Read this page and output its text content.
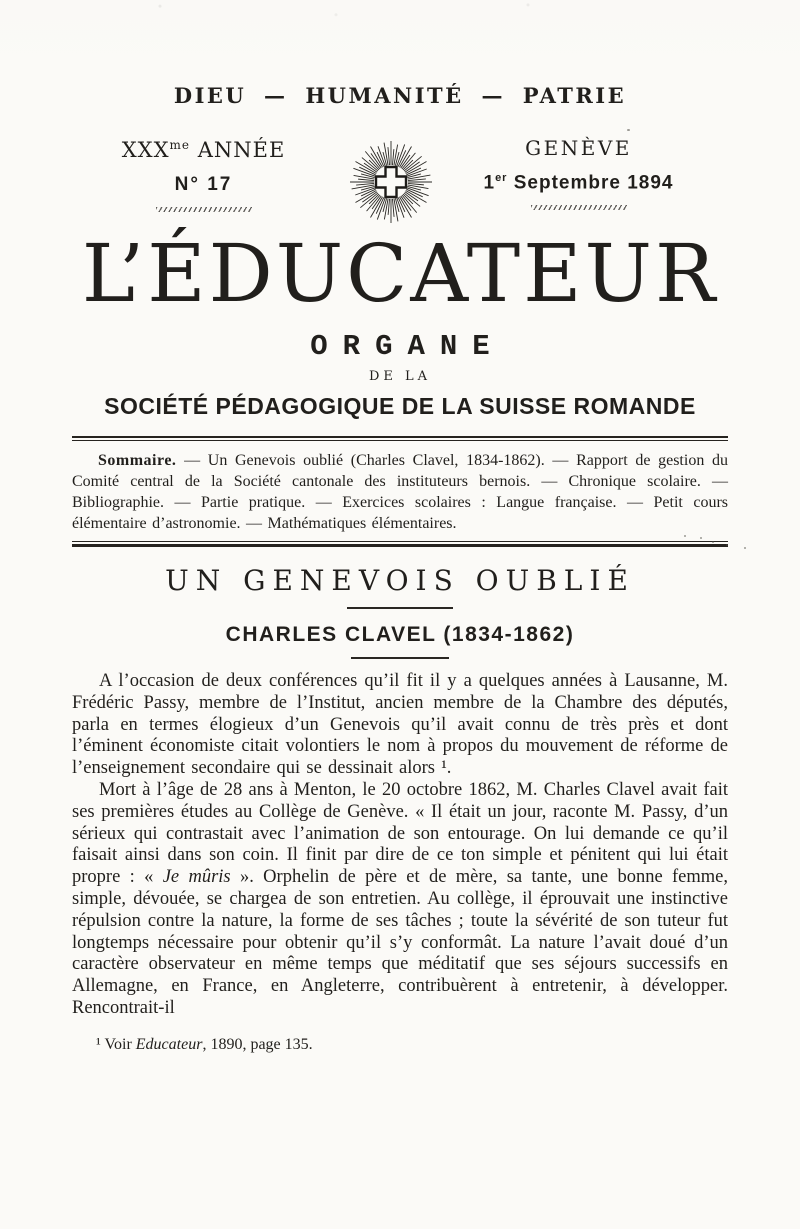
DIEU — HUMANITÉ — PATRIE
$XXX^{me}$ ANNÉE
N° 17
GENÈVE
1er Septembre 1894
L’ÉDUCATEUR
ORGANE
DE LA
SOCIÉTÉ PÉDAGOGIQUE DE LA SUISSE ROMANDE
Sommaire. — Un Genevois oublié (Charles Clavel, 1834-1862). — Rapport de gestion du Comité central de la Société cantonale des instituteurs bernois. — Chronique scolaire. — Bibliographie. — Partie pratique. — Exercices scolaires : Langue française. — Petit cours élémentaire d’astronomie. — Mathématiques élémentaires.
UN GENEVOIS OUBLIÉ
CHARLES CLAVEL (1834-1862)

A l’occasion de deux conférences qu’il fit il y a quelques années à Lausanne, M. Frédéric Passy, membre de l’Institut, ancien membre de la Chambre des députés, parla en termes élogieux d’un Genevois qu’il avait connu de très près et dont l’éminent économiste citait volontiers le nom à propos du mouvement de réforme de l’enseignement secondaire qui se dessinait alors ¹.

Mort à l’âge de 28 ans à Menton, le 20 octobre 1862, M. Charles Clavel avait fait ses premières études au Collège de Genève. « Il était un jour, raconte M. Passy, d’un sérieux qui contrastait avec l’animation de son entourage. On lui demande ce qu’il faisait ainsi dans son coin. Il finit par dire de ce ton simple et pénitent qui lui était propre : « Je mûris ». Orphelin de père et de mère, sa tante, une bonne femme, simple, dévouée, se chargea de son entretien. Au collège, il éprouvait une instinctive répulsion contre la nature, la forme de ses tâches ; toute la sévérité de son tuteur fut longtemps nécessaire pour obtenir qu’il s’y conformât. La nature l’avait doué d’un caractère observateur en même temps que méditatif que ses séjours successifs en Allemagne, en France, en Angleterre, contribuèrent à entretenir, à développer. Rencontrait-il

¹ Voir Educateur, 1890, page 135.
